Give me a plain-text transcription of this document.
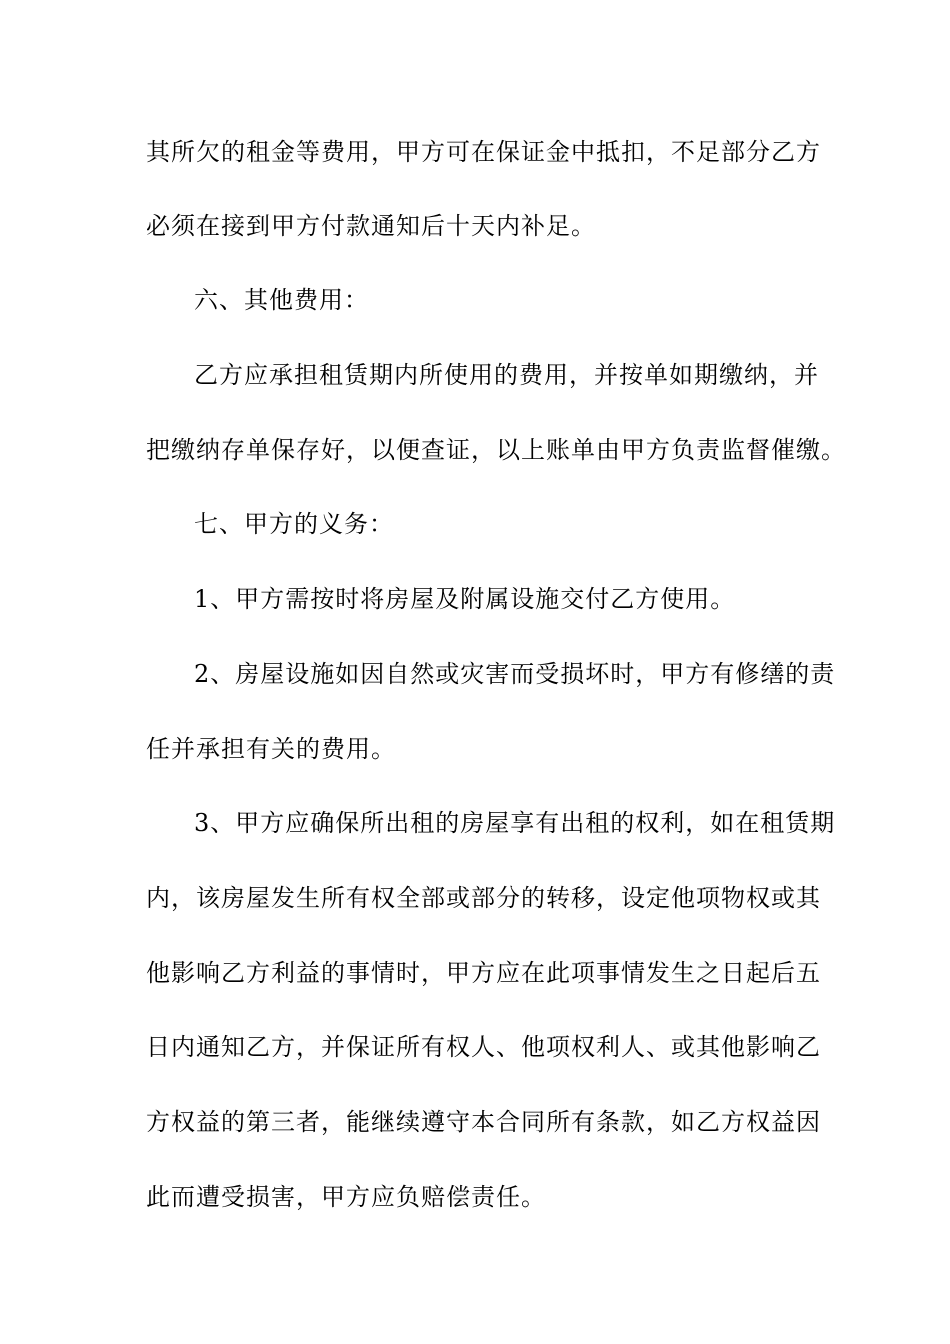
其所欠的租金等费用，甲方可在保证金中抵扣，不足部分乙方
必须在接到甲方付款通知后十天内补足。
六、其他费用：
乙方应承担租赁期内所使用的费用，并按单如期缴纳，并
把缴纳存单保存好，以便查证，以上账单由甲方负责监督催缴。
七、甲方的义务：
1、甲方需按时将房屋及附属设施交付乙方使用。
2、房屋设施如因自然或灾害而受损坏时，甲方有修缮的责
任并承担有关的费用。
3、甲方应确保所出租的房屋享有出租的权利，如在租赁期
内，该房屋发生所有权全部或部分的转移，设定他项物权或其
他影响乙方利益的事情时，甲方应在此项事情发生之日起后五
日内通知乙方，并保证所有权人、他项权利人、或其他影响乙
方权益的第三者，能继续遵守本合同所有条款，如乙方权益因
此而遭受损害，甲方应负赔偿责任。
